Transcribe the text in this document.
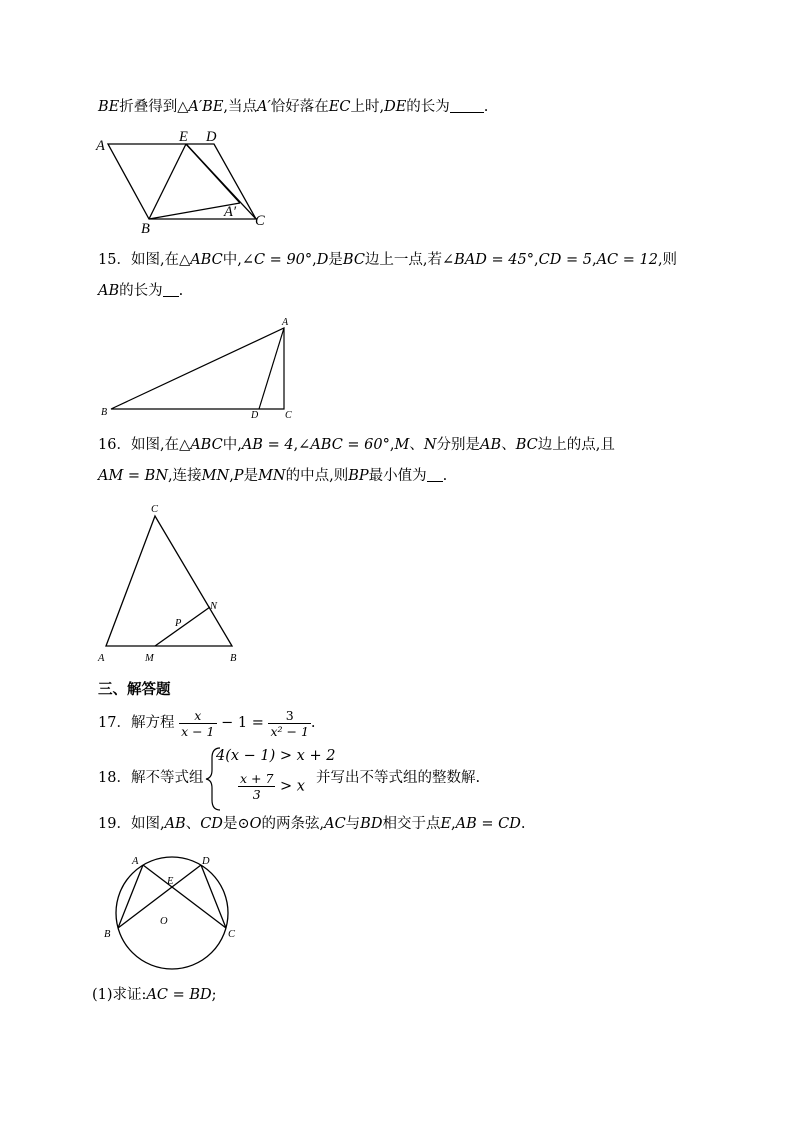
BE折叠得到△A′BE,当点A′恰好落在EC上时,DE的长为 .
A
E D
B
A′
C
15．如图,在△ABC中,∠C = 90°,D是BC边上一点,若∠BAD = 45°,CD = 5,AC = 12,则
AB的长为 .
A
B	D	C
16．如图,在△ABC中,AB = 4,∠ABC = 60°,M、N分别是AB、BC边上的点,且
AM = BN,连接MN,P是MN的中点,则BP最小值为 .
C
A	M	B
P
N
三、解答题
17．解方程 $\frac{x}{x - 1} - 1 = \frac{3}{\text{x² − 1}}$ .
18．解不等式组
4(x − 1) > x + 2
$\frac{x + 7}{3} > x$
并写出不等式组的整数解.
19．如图,AB、CD是⊙O的两条弦,AC与BD相交于点E,AB = CD.
A	D
E
O
B	C
(1)求证:AC = BD;
